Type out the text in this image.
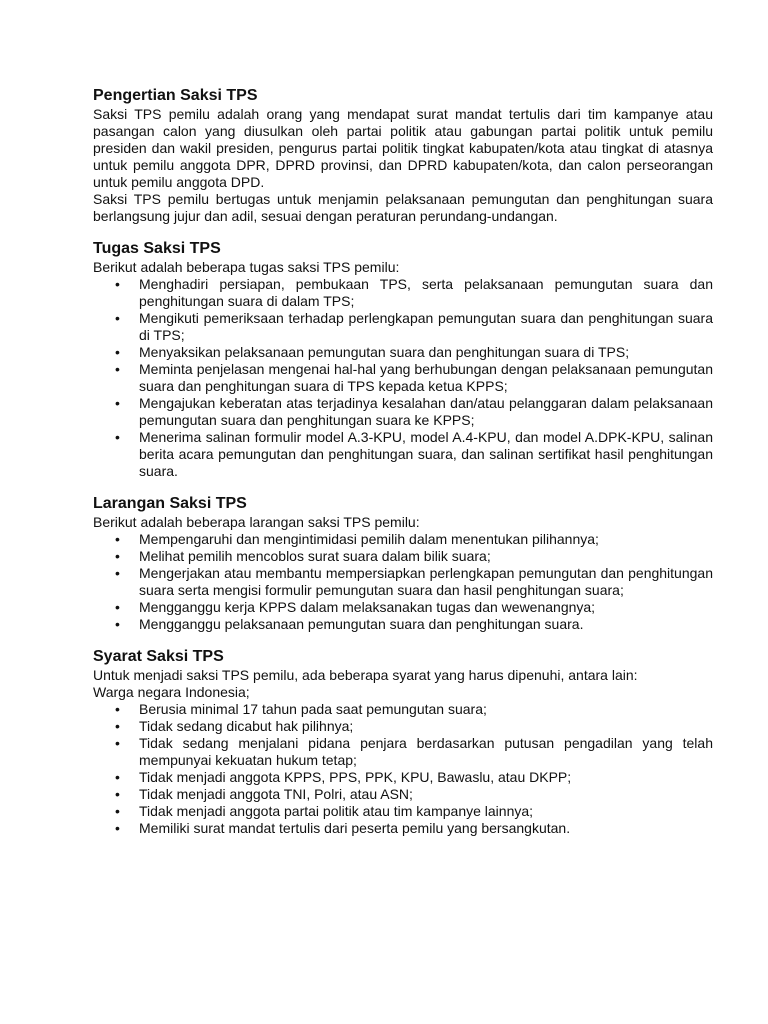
Pengertian Saksi TPS

Saksi TPS pemilu adalah orang yang mendapat surat mandat tertulis dari tim kampanye atau pasangan calon yang diusulkan oleh partai politik atau gabungan partai politik untuk pemilu presiden dan wakil presiden, pengurus partai politik tingkat kabupaten/kota atau tingkat di atasnya untuk pemilu anggota DPR, DPRD provinsi, dan DPRD kabupaten/kota, dan calon perseorangan untuk pemilu anggota DPD.

Saksi TPS pemilu bertugas untuk menjamin pelaksanaan pemungutan dan penghitungan suara berlangsung jujur dan adil, sesuai dengan peraturan perundang-undangan.

Tugas Saksi TPS

Berikut adalah beberapa tugas saksi TPS pemilu:

• Menghadiri persiapan, pembukaan TPS, serta pelaksanaan pemungutan suara dan penghitungan suara di dalam TPS;
• Mengikuti pemeriksaan terhadap perlengkapan pemungutan suara dan penghitungan suara di TPS;
• Menyaksikan pelaksanaan pemungutan suara dan penghitungan suara di TPS;
• Meminta penjelasan mengenai hal-hal yang berhubungan dengan pelaksanaan pemungutan suara dan penghitungan suara di TPS kepada ketua KPPS;
• Mengajukan keberatan atas terjadinya kesalahan dan/atau pelanggaran dalam pelaksanaan pemungutan suara dan penghitungan suara ke KPPS;
• Menerima salinan formulir model A.3-KPU, model A.4-KPU, dan model A.DPK-KPU, salinan berita acara pemungutan dan penghitungan suara, dan salinan sertifikat hasil penghitungan suara.
Larangan Saksi TPS

Berikut adalah beberapa larangan saksi TPS pemilu:

• Mempengaruhi dan mengintimidasi pemilih dalam menentukan pilihannya;
• Melihat pemilih mencoblos surat suara dalam bilik suara;
• Mengerjakan atau membantu mempersiapkan perlengkapan pemungutan dan penghitungan suara serta mengisi formulir pemungutan suara dan hasil penghitungan suara;
• Mengganggu kerja KPPS dalam melaksanakan tugas dan wewenangnya;
• Mengganggu pelaksanaan pemungutan suara dan penghitungan suara.
Syarat Saksi TPS

Untuk menjadi saksi TPS pemilu, ada beberapa syarat yang harus dipenuhi, antara lain:

Warga negara Indonesia;

• Berusia minimal 17 tahun pada saat pemungutan suara;
• Tidak sedang dicabut hak pilihnya;
• Tidak sedang menjalani pidana penjara berdasarkan putusan pengadilan yang telah mempunyai kekuatan hukum tetap;
• Tidak menjadi anggota KPPS, PPS, PPK, KPU, Bawaslu, atau DKPP;
• Tidak menjadi anggota TNI, Polri, atau ASN;
• Tidak menjadi anggota partai politik atau tim kampanye lainnya;
• Memiliki surat mandat tertulis dari peserta pemilu yang bersangkutan.
